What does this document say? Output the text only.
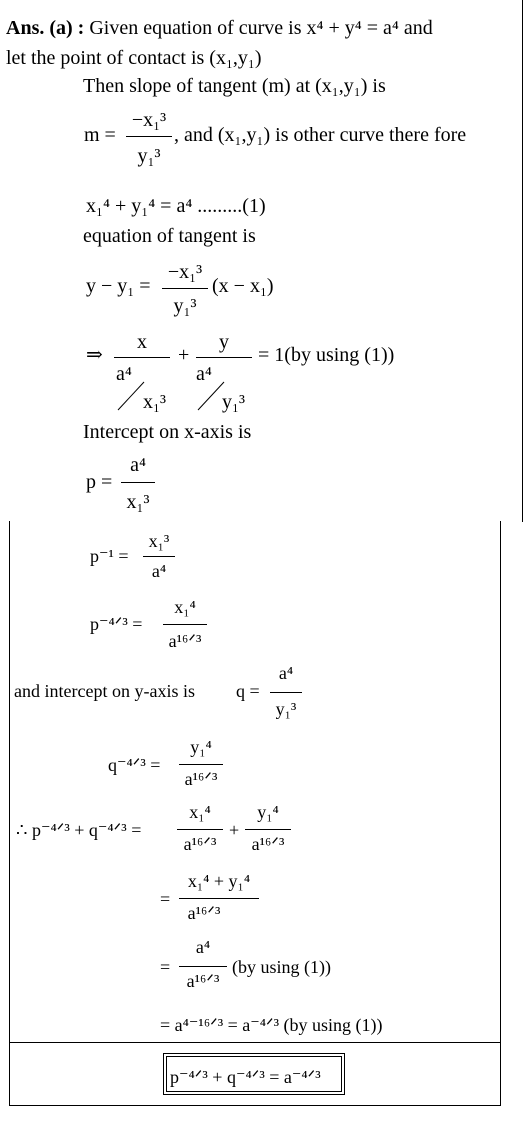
Ans. (a) : Given equation of curve is x⁴ + y⁴ = a⁴ and
let the point of contact is (x₁,y₁)
Then slope of tangent (m) at (x₁,y₁) is
m =
−x₁³
y₁³
, and (x₁,y₁) is other curve there fore
x₁⁴ + y₁⁴ = a⁴ .........(1)
equation of tangent is
y − y₁ =
−x₁³
y₁³
(x − x₁)
⇒
x
a⁴
x₁³
+
y
a⁴
y₁³
= 1(by using (1))
Intercept on x-axis is
p =
a⁴
x₁³
p⁻¹ =
x₁³
a⁴
p⁻⁴ᐟ³ =
x₁⁴
a¹⁶ᐟ³
and intercept on y-axis is q =
a⁴
y₁³
q⁻⁴ᐟ³ =
y₁⁴
a¹⁶ᐟ³
∴ p⁻⁴ᐟ³ + q⁻⁴ᐟ³ =
x₁⁴
a¹⁶ᐟ³
+
y₁⁴
a¹⁶ᐟ³
=
x₁⁴ + y₁⁴
a¹⁶ᐟ³
=
a⁴
a¹⁶ᐟ³
(by using (1))
= a⁴⁻¹⁶ᐟ³ = a⁻⁴ᐟ³ (by using (1))
p⁻⁴ᐟ³ + q⁻⁴ᐟ³ = a⁻⁴ᐟ³
